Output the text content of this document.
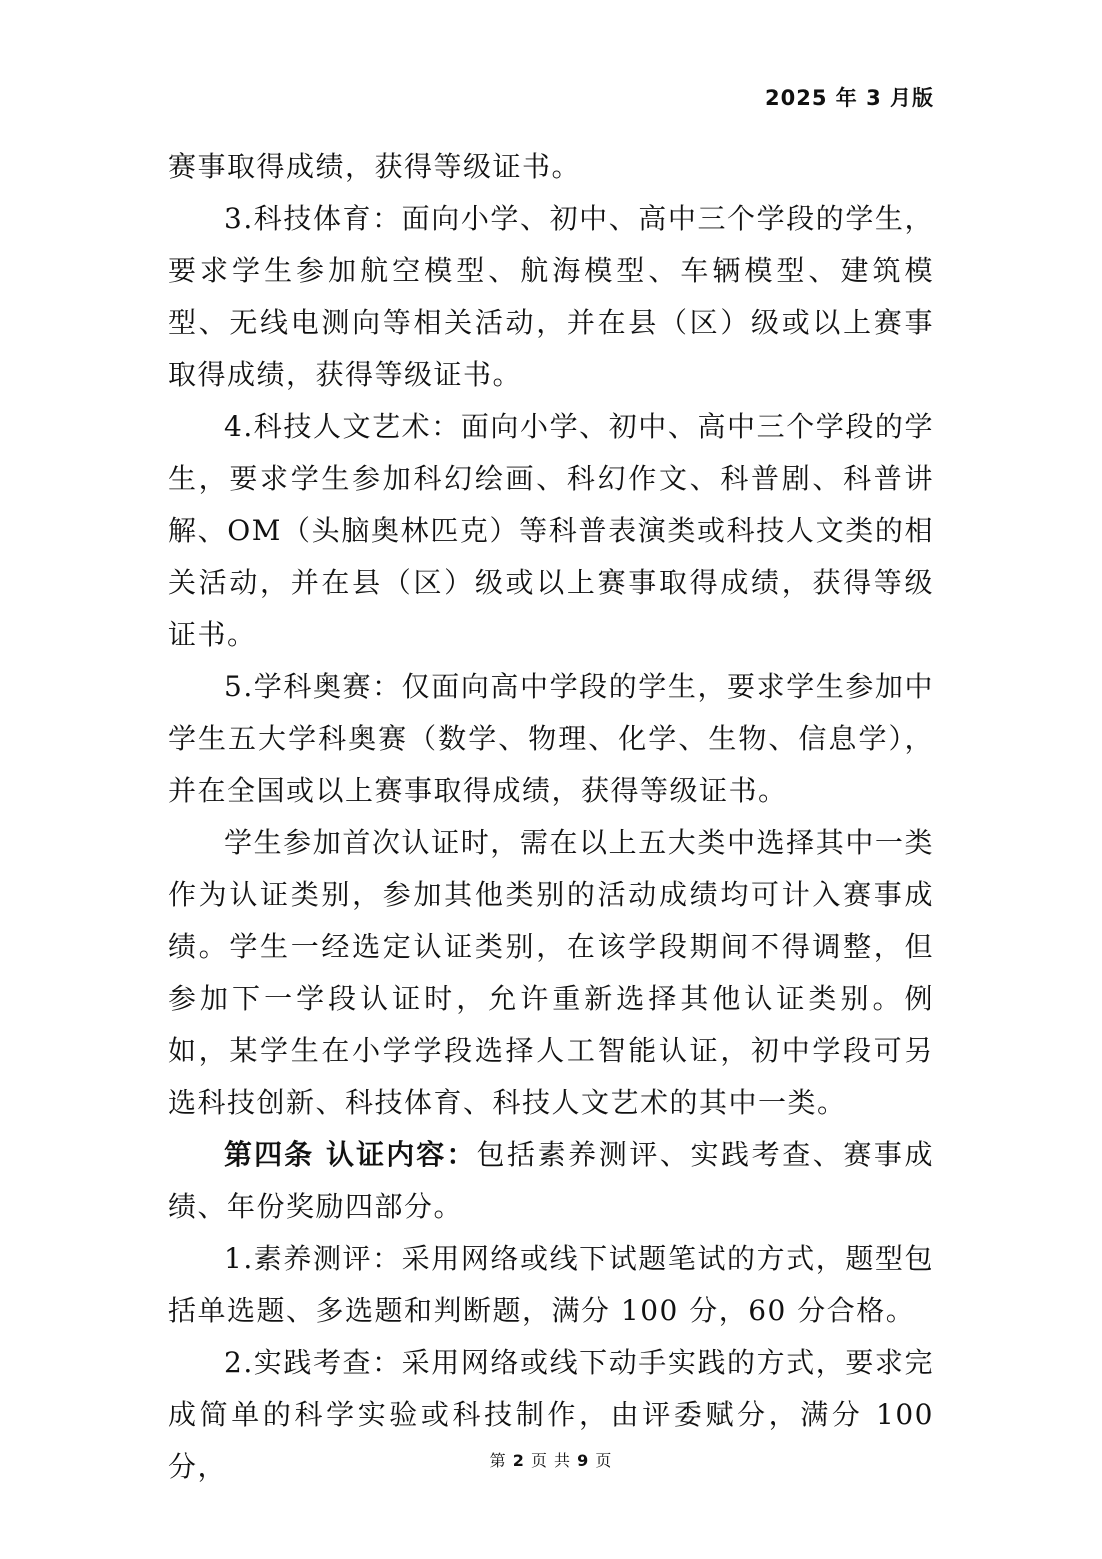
2025 年 3 月版

赛事取得成绩，获得等级证书。

3.科技体育：面向小学、初中、高中三个学段的学生，要求学生参加航空模型、航海模型、车辆模型、建筑模型、无线电测向等相关活动，并在县（区）级或以上赛事取得成绩，获得等级证书。

4.科技人文艺术：面向小学、初中、高中三个学段的学生，要求学生参加科幻绘画、科幻作文、科普剧、科普讲解、OM（头脑奥林匹克）等科普表演类或科技人文类的相关活动，并在县（区）级或以上赛事取得成绩，获得等级证书。

5.学科奥赛：仅面向高中学段的学生，要求学生参加中学生五大学科奥赛（数学、物理、化学、生物、信息学），并在全国或以上赛事取得成绩，获得等级证书。

学生参加首次认证时，需在以上五大类中选择其中一类作为认证类别，参加其他类别的活动成绩均可计入赛事成绩。学生一经选定认证类别，在该学段期间不得调整，但参加下一学段认证时，允许重新选择其他认证类别。例如，某学生在小学学段选择人工智能认证，初中学段可另选科技创新、科技体育、科技人文艺术的其中一类。

第四条 认证内容：包括素养测评、实践考查、赛事成绩、年份奖励四部分。

1.素养测评：采用网络或线下试题笔试的方式，题型包括单选题、多选题和判断题，满分 100 分，60 分合格。

2.实践考查：采用网络或线下动手实践的方式，要求完成简单的科学实验或科技制作，由评委赋分，满分 100 分，	第 2 页 共 9 页
